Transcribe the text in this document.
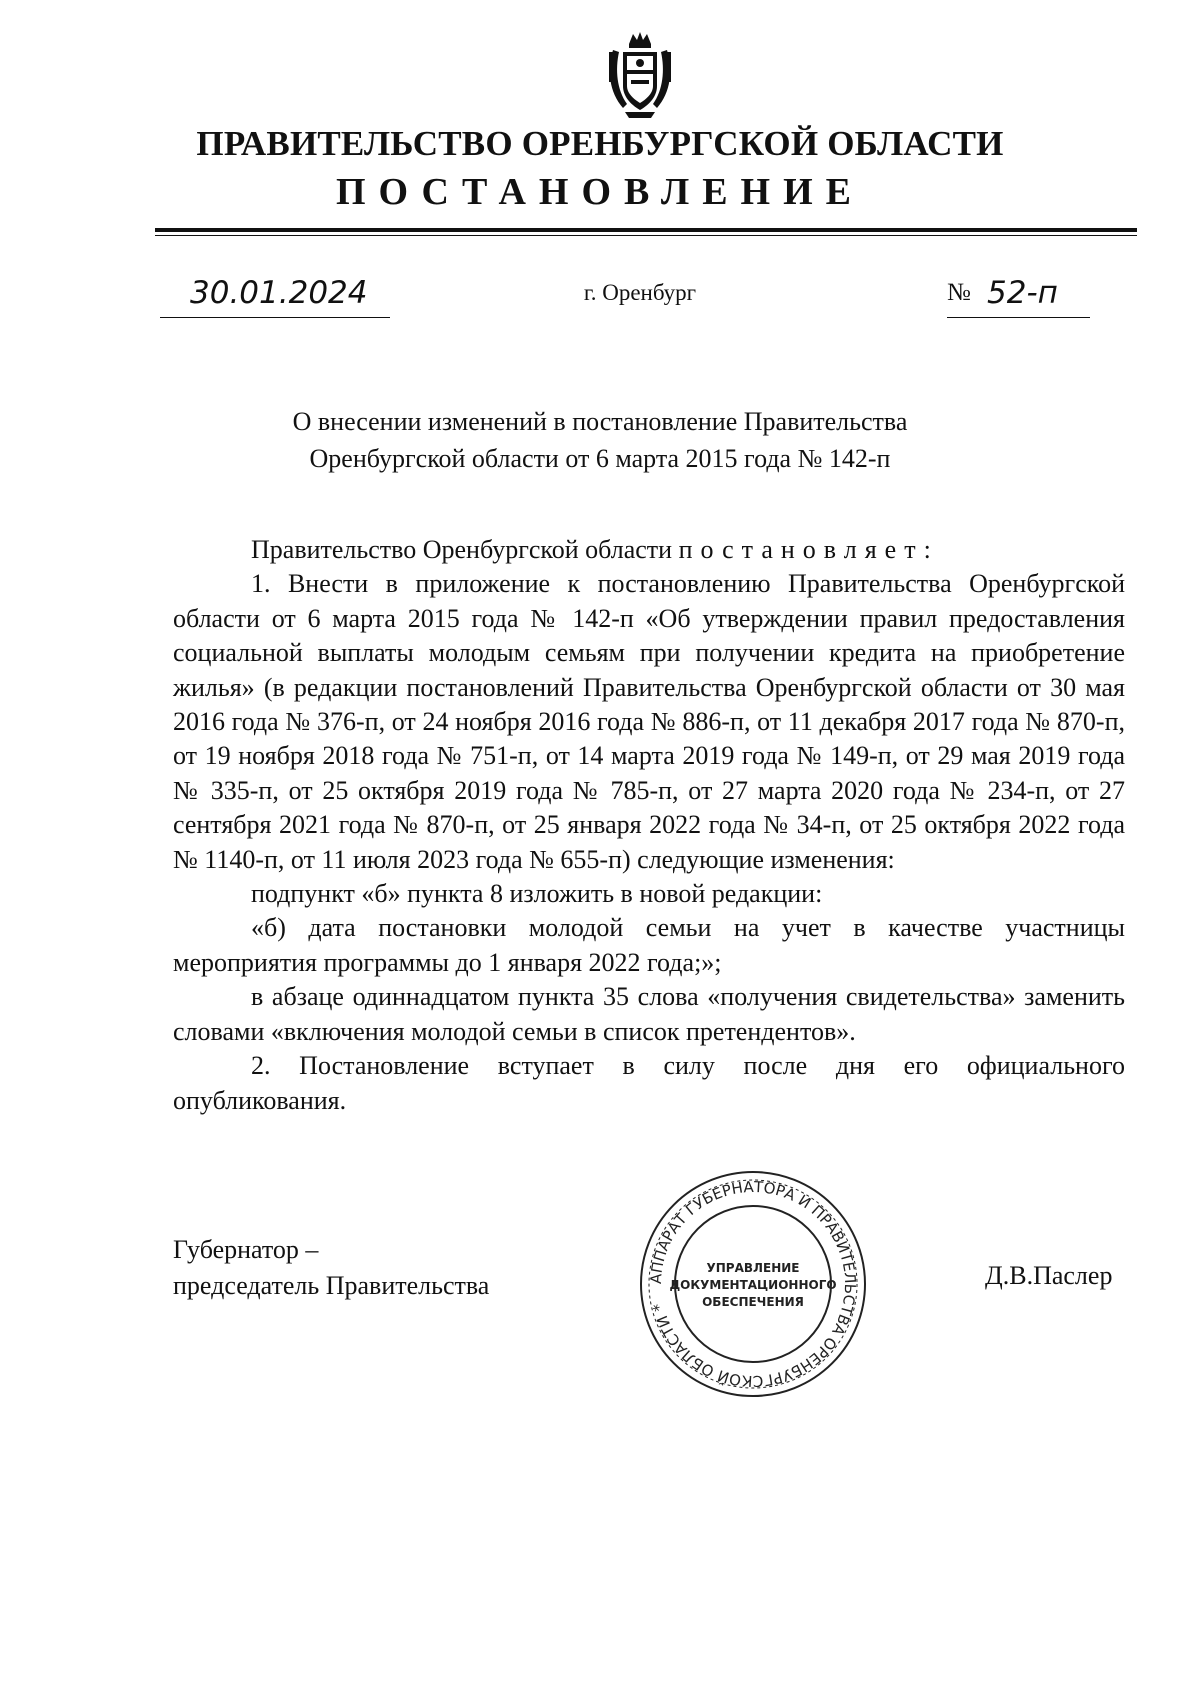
ПРАВИТЕЛЬСТВО ОРЕНБУРГСКОЙ ОБЛАСТИ
ПОСТАНОВЛЕНИЕ
30.01.2024	г. Оренбург	№ 52-п
О внесении изменений в постановление Правительства
Оренбургской области от 6 марта 2015 года № 142-п

Правительство Оренбургской области постановляет:

1. Внести в приложение к постановлению Правительства Оренбургской области от 6 марта 2015 года № 142-п «Об утверждении правил предоставления социальной выплаты молодым семьям при получении кредита на приобретение жилья» (в редакции постановлений Правительства Оренбургской области от 30 мая 2016 года № 376-п, от 24 ноября 2016 года № 886-п, от 11 декабря 2017 года № 870-п, от 19 ноября 2018 года № 751-п, от 14 марта 2019 года № 149-п, от 29 мая 2019 года № 335-п, от 25 октября 2019 года № 785-п, от 27 марта 2020 года № 234-п, от 27 сентября 2021 года № 870-п, от 25 января 2022 года № 34-п, от 25 октября 2022 года № 1140-п, от 11 июля 2023 года № 655-п) следующие изменения:

подпункт «б» пункта 8 изложить в новой редакции:

«б) дата постановки молодой семьи на учет в качестве участницы мероприятия программы до 1 января 2022 года;»;

в абзаце одиннадцатом пункта 35 слова «получения свидетельства» заменить словами «включения молодой семьи в список претендентов».

2. Постановление вступает в силу после дня его официального опубликования.

Губернатор –
председатель Правительства	АППАРАТ ГУБЕРНАТОРА И ПРАВИТЕЛЬСТВА ОРЕНБУРГСКОЙ ОБЛАСТИ *
УПРАВЛЕНИЕ
ДОКУМЕНТАЦИОННОГО
ОБЕСПЕЧЕНИЯ
Д.В.Паслер
